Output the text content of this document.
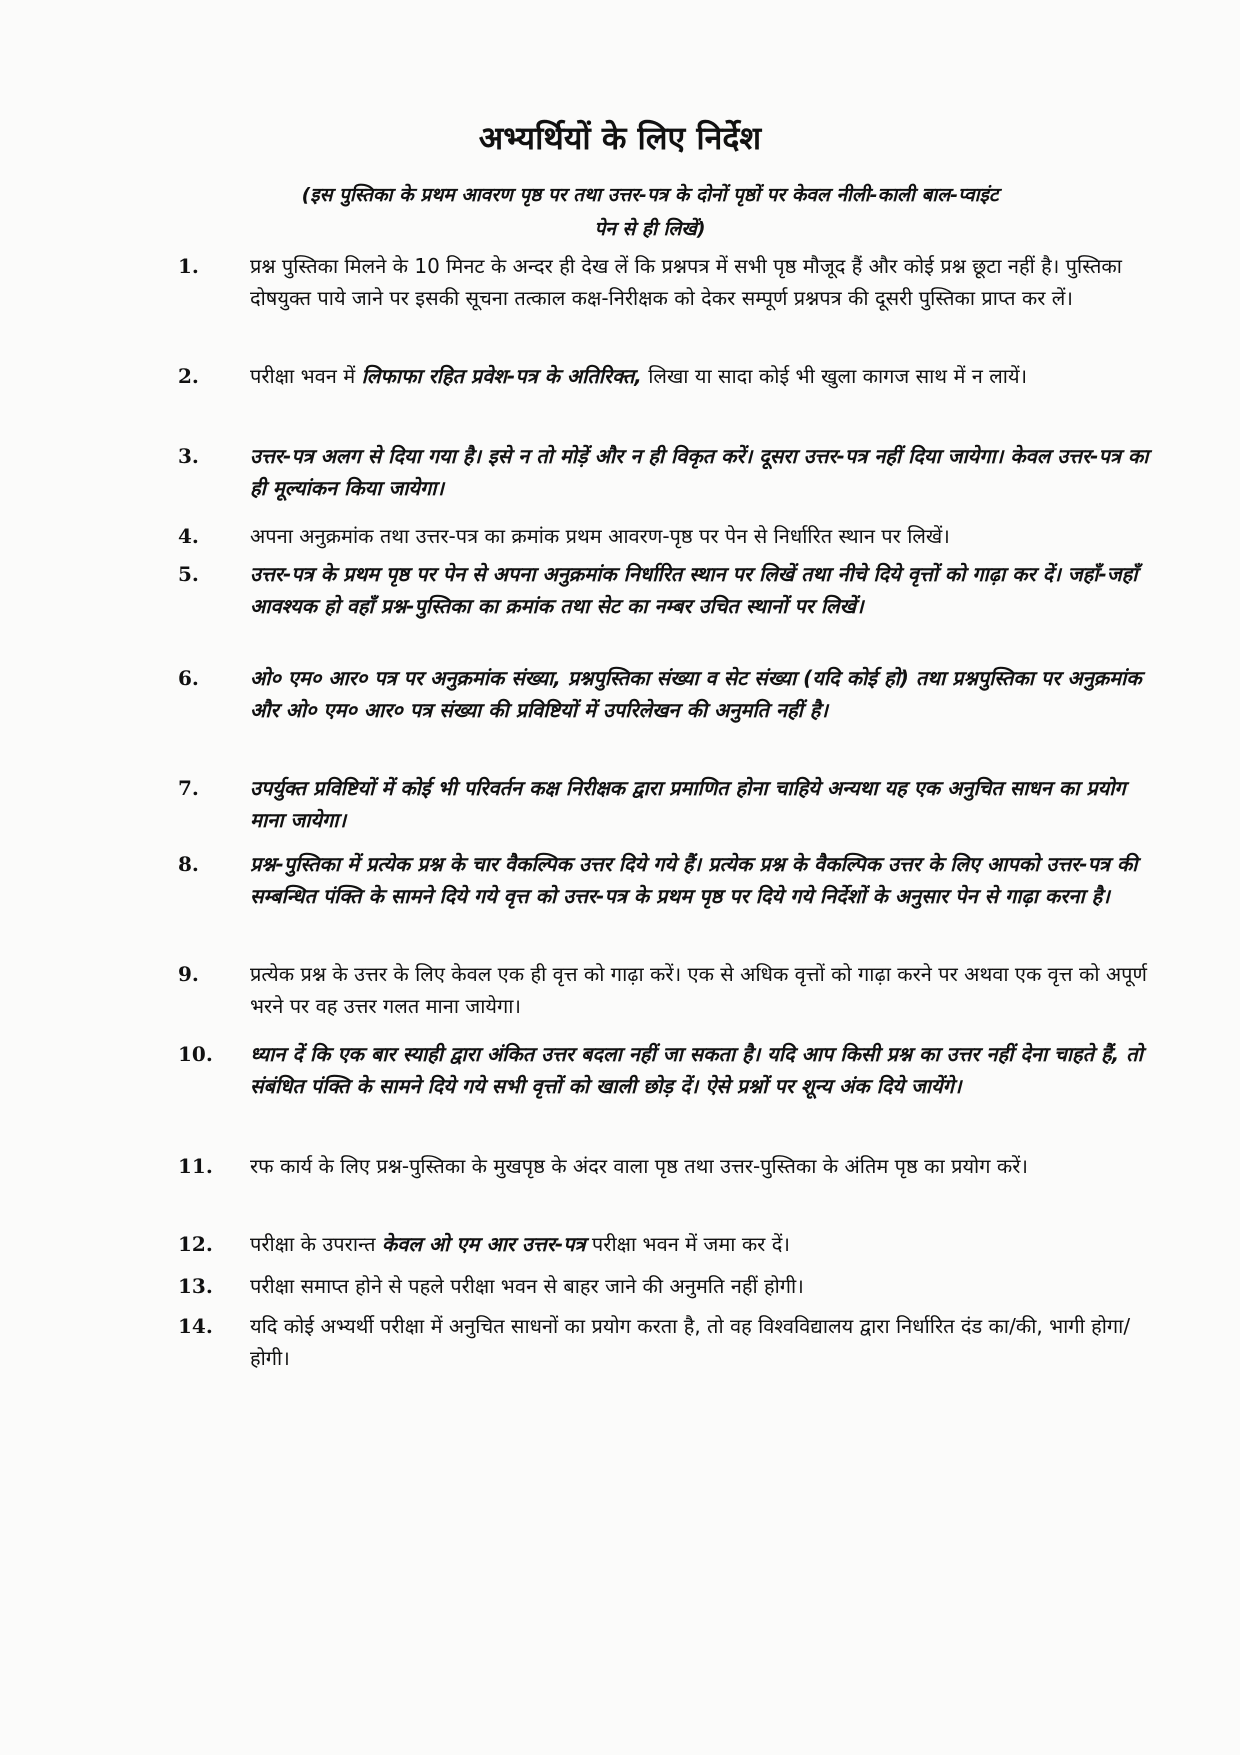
अभ्यर्थियों के लिए निर्देश

(इस पुस्तिका के प्रथम आवरण पृष्ठ पर तथा उत्तर-पत्र के दोनों पृष्ठों पर केवल नीली-काली बाल-प्वाइंट पेन से ही लिखें)

1.	प्रश्न पुस्तिका मिलने के 10 मिनट के अन्दर ही देख लें कि प्रश्नपत्र में सभी पृष्ठ मौजूद हैं और कोई प्रश्न छूटा नहीं है। पुस्तिका दोषयुक्त पाये जाने पर इसकी सूचना तत्काल कक्ष-निरीक्षक को देकर सम्पूर्ण प्रश्नपत्र की दूसरी पुस्तिका प्राप्त कर लें।
2.	परीक्षा भवन में लिफाफा रहित प्रवेश-पत्र के अतिरिक्त, लिखा या सादा कोई भी खुला कागज साथ में न लायें।
3.	उत्तर-पत्र अलग से दिया गया है। इसे न तो मोड़ें और न ही विकृत करें। दूसरा उत्तर-पत्र नहीं दिया जायेगा। केवल उत्तर-पत्र का ही मूल्यांकन किया जायेगा।
4.	अपना अनुक्रमांक तथा उत्तर-पत्र का क्रमांक प्रथम आवरण-पृष्ठ पर पेन से निर्धारित स्थान पर लिखें।
5.	उत्तर-पत्र के प्रथम पृष्ठ पर पेन से अपना अनुक्रमांक निर्धारित स्थान पर लिखें तथा नीचे दिये वृत्तों को गाढ़ा कर दें। जहाँ-जहाँ आवश्यक हो वहाँ प्रश्न-पुस्तिका का क्रमांक तथा सेट का नम्बर उचित स्थानों पर लिखें।
6.	ओ० एम० आर० पत्र पर अनुक्रमांक संख्या, प्रश्नपुस्तिका संख्या व सेट संख्या (यदि कोई हो) तथा प्रश्नपुस्तिका पर अनुक्रमांक और ओ० एम० आर० पत्र संख्या की प्रविष्टियों में उपरिलेखन की अनुमति नहीं है।
7.	उपर्युक्त प्रविष्टियों में कोई भी परिवर्तन कक्ष निरीक्षक द्वारा प्रमाणित होना चाहिये अन्यथा यह एक अनुचित साधन का प्रयोग माना जायेगा।
8.	प्रश्न-पुस्तिका में प्रत्येक प्रश्न के चार वैकल्पिक उत्तर दिये गये हैं। प्रत्येक प्रश्न के वैकल्पिक उत्तर के लिए आपको उत्तर-पत्र की सम्बन्धित पंक्ति के सामने दिये गये वृत्त को उत्तर-पत्र के प्रथम पृष्ठ पर दिये गये निर्देशों के अनुसार पेन से गाढ़ा करना है।
9.	प्रत्येक प्रश्न के उत्तर के लिए केवल एक ही वृत्त को गाढ़ा करें। एक से अधिक वृत्तों को गाढ़ा करने पर अथवा एक वृत्त को अपूर्ण भरने पर वह उत्तर गलत माना जायेगा।
10. ध्यान दें कि एक बार स्याही द्वारा अंकित उत्तर बदला नहीं जा सकता है। यदि आप किसी प्रश्न का उत्तर नहीं देना चाहते हैं, तो संबंधित पंक्ति के सामने दिये गये सभी वृत्तों को खाली छोड़ दें। ऐसे प्रश्नों पर शून्य अंक दिये जायेंगे।
11. रफ कार्य के लिए प्रश्न-पुस्तिका के मुखपृष्ठ के अंदर वाला पृष्ठ तथा उत्तर-पुस्तिका के अंतिम पृष्ठ का प्रयोग करें।
12. परीक्षा के उपरान्त केवल ओ एम आर उत्तर-पत्र परीक्षा भवन में जमा कर दें।
13. परीक्षा समाप्त होने से पहले परीक्षा भवन से बाहर जाने की अनुमति नहीं होगी।
14. यदि कोई अभ्यर्थी परीक्षा में अनुचित साधनों का प्रयोग करता है, तो वह विश्वविद्यालय द्वारा निर्धारित दंड का/की, भागी होगा/होगी।
